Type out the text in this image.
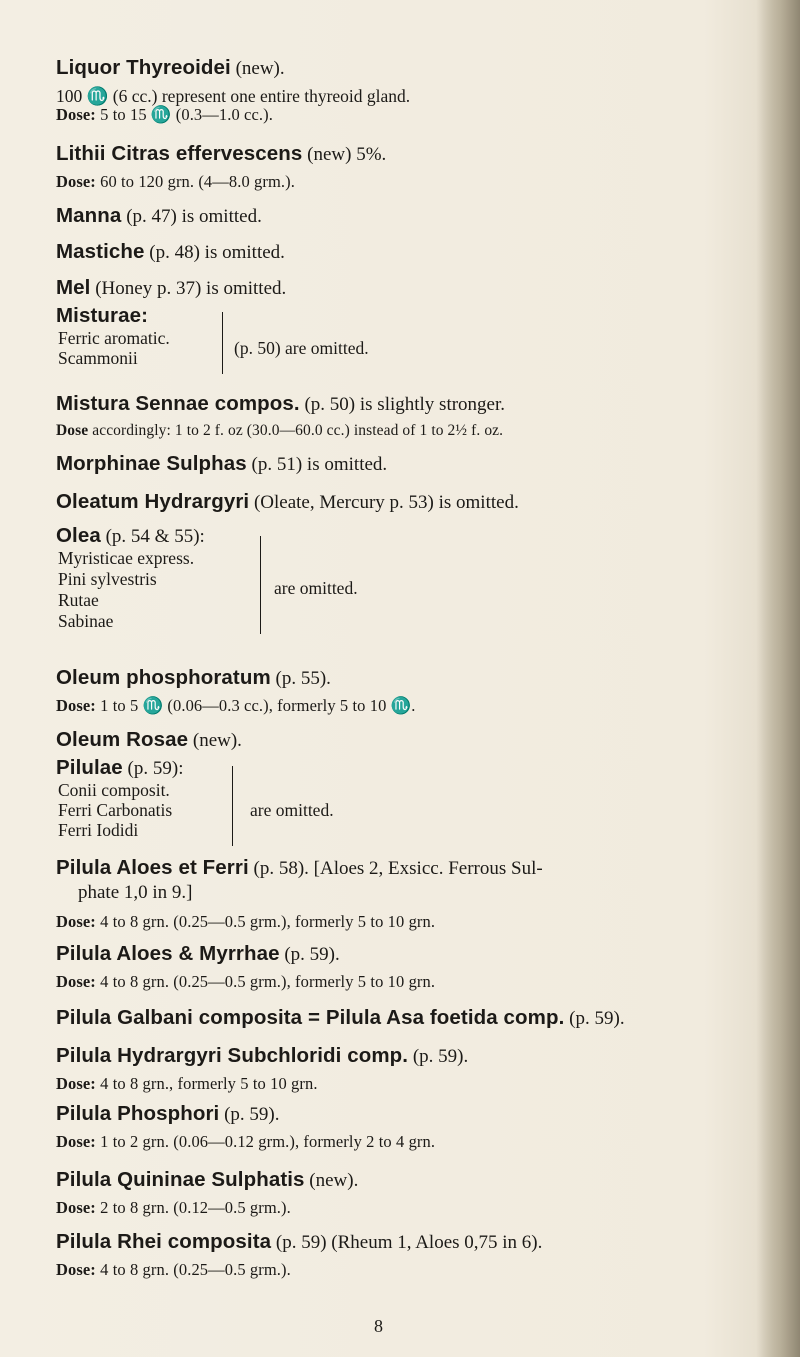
Liquor Thyreoidei (new).
100 ♏ (6 cc.) represent one entire thyreoid gland.
Dose: 5 to 15 ♏ (0.3—1.0 cc.).
Lithii Citras effervescens (new) 5%.
Dose: 60 to 120 grn. (4—8.0 grm.).
Manna (p. 47) is omitted.
Mastiche (p. 48) is omitted.
Mel (Honey p. 37) is omitted.
Misturae:
Ferric aromatic.
Scammonii	(p. 50) are omitted.
Mistura Sennae compos. (p. 50) is slightly stronger.
Dose accordingly: 1 to 2 f. oz (30.0—60.0 cc.) instead of 1 to 2½ f. oz.
Morphinae Sulphas (p. 51) is omitted.
Oleatum Hydrargyri (Oleate, Mercury p. 53) is omitted.
Olea (p. 54 & 55):
Myristicae express.
Pini sylvestris
Rutae
Sabinae
are omitted.
Oleum phosphoratum (p. 55).
Dose: 1 to 5 ♏ (0.06—0.3 cc.), formerly 5 to 10 ♏.
Oleum Rosae (new).
Pilulae (p. 59):
Conii composit.
Ferri Carbonatis
Ferri Iodidi
are omitted.
Pilula Aloes et Ferri (p. 58). [Aloes 2, Exsicc. Ferrous Sul-
phate 1,0 in 9.]
Dose: 4 to 8 grn. (0.25—0.5 grm.), formerly 5 to 10 grn.
Pilula Aloes & Myrrhae (p. 59).
Dose: 4 to 8 grn. (0.25—0.5 grm.), formerly 5 to 10 grn.
Pilula Galbani composita = Pilula Asa foetida comp. (p. 59).
Pilula Hydrargyri Subchloridi comp. (p. 59).
Dose: 4 to 8 grn., formerly 5 to 10 grn.
Pilula Phosphori (p. 59).
Dose: 1 to 2 grn. (0.06—0.12 grm.), formerly 2 to 4 grn.
Pilula Quininae Sulphatis (new).
Dose: 2 to 8 grn. (0.12—0.5 grm.).
Pilula Rhei composita (p. 59) (Rheum 1, Aloes 0,75 in 6).
Dose: 4 to 8 grn. (0.25—0.5 grm.).
8
